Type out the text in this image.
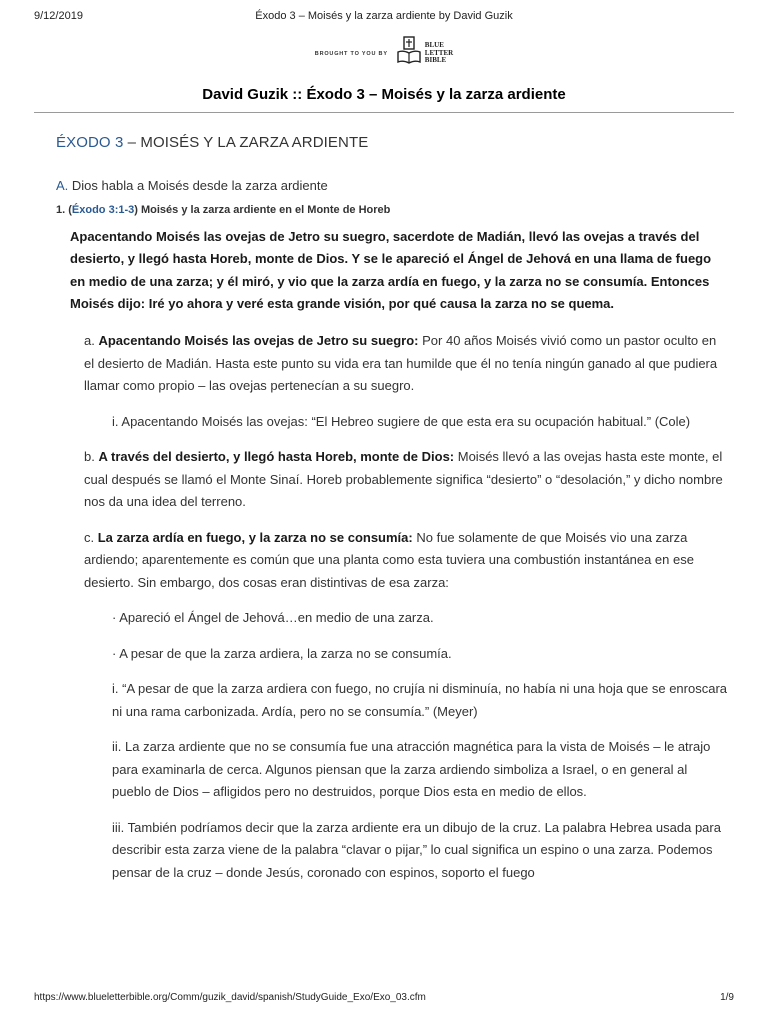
9/12/2019	Éxodo 3 – Moisés y la zarza ardiente by David Guzik
BROUGHT TO YOU BY
BLUE
LETTER
BIBLE
David Guzik :: Éxodo 3 – Moisés y la zarza ardiente
ÉXODO 3 – MOISÉS Y LA ZARZA ARDIENTE
A. Dios habla a Moisés desde la zarza ardiente
1. (Éxodo 3:1-3) Moisés y la zarza ardiente en el Monte de Horeb
Apacentando Moisés las ovejas de Jetro su suegro, sacerdote de Madián, llevó las ovejas a través del desierto, y llegó hasta Horeb, monte de Dios. Y se le apareció el Ángel de Jehová en una llama de fuego en medio de una zarza; y él miró, y vio que la zarza ardía en fuego, y la zarza no se consumía. Entonces Moisés dijo: Iré yo ahora y veré esta grande visión, por qué causa la zarza no se quema.
a. Apacentando Moisés las ovejas de Jetro su suegro: Por 40 años Moisés vivió como un pastor oculto en el desierto de Madián. Hasta este punto su vida era tan humilde que él no tenía ningún ganado al que pudiera llamar como propio – las ovejas pertenecían a su suegro.
i. Apacentando Moisés las ovejas: “El Hebreo sugiere de que esta era su ocupación habitual.” (Cole)
b. A través del desierto, y llegó hasta Horeb, monte de Dios: Moisés llevó a las ovejas hasta este monte, el cual después se llamó el Monte Sinaí. Horeb probablemente significa “desierto” o “desolación,” y dicho nombre nos da una idea del terreno.
c. La zarza ardía en fuego, y la zarza no se consumía: No fue solamente de que Moisés vio una zarza ardiendo; aparentemente es común que una planta como esta tuviera una combustión instantánea en ese desierto. Sin embargo, dos cosas eran distintivas de esa zarza:
· Apareció el Ángel de Jehová…en medio de una zarza.
· A pesar de que la zarza ardiera, la zarza no se consumía.
i. “A pesar de que la zarza ardiera con fuego, no crujía ni disminuía, no había ni una hoja que se enroscara ni una rama carbonizada. Ardía, pero no se consumía.” (Meyer)
ii. La zarza ardiente que no se consumía fue una atracción magnética para la vista de Moisés – le atrajo para examinarla de cerca. Algunos piensan que la zarza ardiendo simboliza a Israel, o en general al pueblo de Dios – afligidos pero no destruidos, porque Dios esta en medio de ellos.
iii. También podríamos decir que la zarza ardiente era un dibujo de la cruz. La palabra Hebrea usada para describir esta zarza viene de la palabra “clavar o pijar,” lo cual significa un espino o una zarza. Podemos pensar de la cruz – donde Jesús, coronado con espinos, soporto el fuego
https://www.blueletterbible.org/Comm/guzik_david/spanish/StudyGuide_Exo/Exo_03.cfm	1/9
